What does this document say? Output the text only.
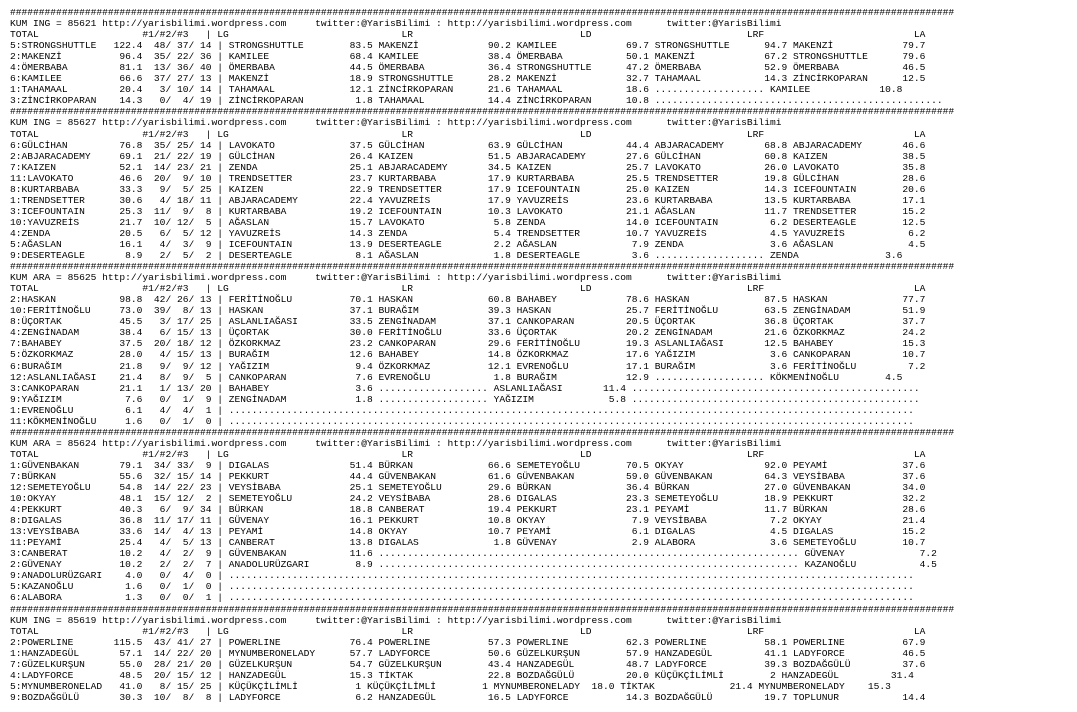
####################################################################################################################################################################
KUM ING = 85621 http://yarisbilimi.wordpress.com     twitter:@YarisBilimi : http://yarisbilimi.wordpress.com      twitter:@YarisBilimi
TOTAL                  #1/#2/#3   | LG                              LR                             LD                           LRF                          LA
5:STRONGSHUTTLE   122.4  48/ 37/ 14 | STRONGSHUTTLE        83.5 MAKENZİ            90.2 KAMILEE            69.7 STRONGSHUTTLE      94.7 MAKENZİ            79.7
2:MAKENZİ          96.4  35/ 22/ 36 | KAMILEE              68.4 KAMILEE            38.4 ÖMERBABA           50.1 MAKENZİ            67.2 STRONGSHUTTLE      79.6
4:ÖMERBABA         81.1  13/ 36/ 40 | ÖMERBABA             44.5 ÖMERBABA           36.4 STRONGSHUTTLE      47.2 ÖMERBABA           52.9 ÖMERBABA           46.5
6:KAMILEE          66.6  37/ 27/ 13 | MAKENZİ              18.9 STRONGSHUTTLE      28.2 MAKENZİ            32.7 TAHAMAAL           14.3 ZİNCİRKOPARAN      12.5
1:TAHAMAAL         20.4   3/ 10/ 14 | TAHAMAAL             12.1 ZİNCİRKOPARAN      21.6 TAHAMAAL           18.6 ................... KAMILEE            10.8
3:ZİNCİRKOPARAN    14.3   0/  4/ 19 | ZİNCİRKOPARAN         1.8 TAHAMAAL           14.4 ZİNCİRKOPARAN      10.8 ..................................................
####################################################################################################################################################################
KUM ING = 85627 http://yarisbilimi.wordpress.com     twitter:@YarisBilimi : http://yarisbilimi.wordpress.com      twitter:@YarisBilimi
TOTAL                  #1/#2/#3   | LG                              LR                             LD                           LRF                          LA
6:GÜLCİHAN         76.8  35/ 25/ 14 | LAVOKATO             37.5 GÜLCİHAN           63.9 GÜLCİHAN           44.4 ABJARACADEMY       68.8 ABJARACADEMY       46.6
2:ABJARACADEMY     69.1  21/ 22/ 19 | GÜLCİHAN             26.4 KAIZEN             51.5 ABJARACADEMY       27.6 GÜLCİHAN           60.8 KAIZEN             38.5
7:KAIZEN           52.1  14/ 23/ 21 | ZENDA                25.1 ABJARACADEMY       34.5 KAIZEN             25.7 LAVOKATO           26.0 LAVOKATO           35.8
11:LAVOKATO        46.6  20/  9/ 10 | TRENDSETTER          23.7 KURTARBABA         17.9 KURTARBABA         25.5 TRENDSETTER        19.8 GÜLCİHAN           28.6
8:KURTARBABA       33.3   9/  5/ 25 | KAIZEN               22.9 TRENDSETTER        17.9 ICEFOUNTAIN        25.0 KAIZEN             14.3 ICEFOUNTAIN        20.6
1:TRENDSETTER      30.6   4/ 18/ 11 | ABJARACADEMY         22.4 YAVUZREİS          17.9 YAVUZREİS          23.6 KURTARBABA         13.5 KURTARBABA         17.1
3:ICEFOUNTAIN      25.3  11/  9/  8 | KURTARBABA           19.2 ICEFOUNTAIN        10.3 LAVOKATO           21.1 AĞASLAN            11.7 TRENDSETTER        15.2
10:YAVUZREİS       21.7  10/ 12/  5 | AĞASLAN              15.7 LAVOKATO            5.8 ZENDA              14.0 ICEFOUNTAIN         6.2 DESERTEAGLE        12.5
4:ZENDA            20.5   6/  5/ 12 | YAVUZREİS            14.3 ZENDA               5.4 TRENDSETTER        10.7 YAVUZREİS           4.5 YAVUZREİS           6.2
5:AĞASLAN          16.1   4/  3/  9 | ICEFOUNTAIN          13.9 DESERTEAGLE         2.2 AĞASLAN             7.9 ZENDA               3.6 AĞASLAN             4.5
9:DESERTEAGLE       8.9   2/  5/  2 | DESERTEAGLE           8.1 AĞASLAN             1.8 DESERTEAGLE         3.6 ................... ZENDA               3.6
####################################################################################################################################################################
KUM ARA = 85625 http://yarisbilimi.wordpress.com     twitter:@YarisBilimi : http://yarisbilimi.wordpress.com      twitter:@YarisBilimi
TOTAL                  #1/#2/#3   | LG                              LR                             LD                           LRF                          LA
2:HASKAN           98.8  42/ 26/ 13 | FERİTİNOĞLU          70.1 HASKAN             60.8 BAHABEY            78.6 HASKAN             87.5 HASKAN             77.7
10:FERİTİNOĞLU     73.0  39/  8/ 13 | HASKAN               37.1 BURAĞIM            39.3 HASKAN             25.7 FERİTİNOĞLU        63.5 ZENGİNADAM         51.9
8:ÜÇORTAK          45.5   3/ 17/ 25 | ASLANLIAĞASI         33.5 ZENGİNADAM         37.1 CANKOPARAN         20.5 ÜÇORTAK            36.8 ÜÇORTAK            37.7
4:ZENGİNADAM       38.4   6/ 15/ 13 | ÜÇORTAK              30.0 FERİTİNOĞLU        33.6 ÜÇORTAK            20.2 ZENGİNADAM         21.6 ÖZKORKMAZ          24.2
7:BAHABEY          37.5  20/ 18/ 12 | ÖZKORKMAZ            23.2 CANKOPARAN         29.6 FERİTİNOĞLU        19.3 ASLANLIAĞASI       12.5 BAHABEY            15.3
5:ÖZKORKMAZ        28.0   4/ 15/ 13 | BURAĞIM              12.6 BAHABEY            14.8 ÖZKORKMAZ          17.6 YAĞIZIM             3.6 CANKOPARAN         10.7
6:BURAĞIM          21.8   9/  9/ 12 | YAĞIZIM               9.4 ÖZKORKMAZ          12.1 EVRENOĞLU          17.1 BURAĞIM             3.6 FERİTİNOĞLU         7.2
12:ASLANLIAĞASI    21.4   8/  9/  5 | CANKOPARAN            7.6 EVRENOĞLU           1.8 BURAĞIM            12.9 ................... KÖKMENİNOĞLU        4.5
3:CANKOPARAN       21.1   1/ 13/ 20 | BAHABEY               3.6 ................... ASLANLIAĞASI       11.4 ..................................................
9:YAĞIZIM           7.6   0/  1/  9 | ZENGİNADAM            1.8 ................... YAĞIZIM             5.8 ..................................................
1:EVRENOĞLU         6.1   4/  4/  1 | .......................................................................................................................
11:KÖKMENİNOĞLU     1.6   0/  1/  0 | .......................................................................................................................
####################################################################################################################################################################
KUM ARA = 85624 http://yarisbilimi.wordpress.com     twitter:@YarisBilimi : http://yarisbilimi.wordpress.com      twitter:@YarisBilimi
TOTAL                  #1/#2/#3   | LG                              LR                             LD                           LRF                          LA
1:GÜVENBAKAN       79.1  34/ 33/  9 | DIGALAS              51.4 BÜRKAN             66.6 SEMETEYOĞLU        70.5 OKYAY              92.0 PEYAMİ             37.6
7:BÜRKAN           55.6  32/ 15/ 14 | PEKKURT              44.4 GÜVENBAKAN         61.6 GÜVENBAKAN         59.0 GÜVENBAKAN         64.3 VEYSİBABA          37.6
12:SEMETEYOĞLU     54.8  14/ 22/ 23 | VEYSİBABA            25.1 SEMETEYOĞLU        29.6 BÜRKAN             36.4 BÜRKAN             27.0 GÜVENBAKAN         34.0
10:OKYAY           48.1  15/ 12/  2 | SEMETEYOĞLU          24.2 VEYSİBABA          28.6 DIGALAS            23.3 SEMETEYOĞLU        18.9 PEKKURT            32.2
4:PEKKURT          40.3   6/  9/ 34 | BÜRKAN               18.8 CANBERAT           19.4 PEKKURT            23.1 PEYAMİ             11.7 BÜRKAN             28.6
8:DIGALAS          36.8  11/ 17/ 11 | GÜVENAY              16.1 PEKKURT            10.8 OKYAY               7.9 VEYSİBABA           7.2 OKYAY              21.4
13:VEYSİBABA       33.6  14/  4/ 13 | PEYAMİ               14.8 OKYAY              10.7 PEYAMİ              6.1 DIGALAS             4.5 DIGALAS            15.2
11:PEYAMİ          25.4   4/  5/ 13 | CANBERAT             13.8 DIGALAS             1.8 GÜVENAY             2.9 ALABORA             3.6 SEMETEYOĞLU        10.7
3:CANBERAT         10.2   4/  2/  9 | GÜVENBAKAN           11.6 ......................................................................... GÜVENAY             7.2
2:GÜVENAY          10.2   2/  2/  7 | ANADOLURÜZGARI        8.9 ......................................................................... KAZANOĞLU           4.5
9:ANADOLURÜZGARI    4.0   0/  4/  0 | .......................................................................................................................
5:KAZANOĞLU         1.6   0/  1/  0 | .......................................................................................................................
6:ALABORA           1.3   0/  0/  1 | .......................................................................................................................
####################################################################################################################################################################
KUM ING = 85619 http://yarisbilimi.wordpress.com     twitter:@YarisBilimi : http://yarisbilimi.wordpress.com      twitter:@YarisBilimi
TOTAL                  #1/#2/#3   | LG                              LR                             LD                           LRF                          LA
2:POWERLINE       115.5  43/ 41/ 27 | POWERLINE            76.4 POWERLINE          57.3 POWERLINE          62.3 POWERLINE          58.1 POWERLINE          67.9
1:HANZADEGÜL       57.1  14/ 22/ 20 | MYNUMBERONELADY      57.7 LADYFORCE          50.6 GÜZELKURŞUN        57.9 HANZADEGÜL         41.1 LADYFORCE          46.5
7:GÜZELKURŞUN      55.0  28/ 21/ 20 | GÜZELKURŞUN          54.7 GÜZELKURŞUN        43.4 HANZADEGÜL         48.7 LADYFORCE          39.3 BOZDAĞGÜLÜ         37.6
4:LADYFORCE        48.5  20/ 15/ 12 | HANZADEGÜL           15.3 TİKTAK             22.8 BOZDAĞGÜLÜ         20.0 KÜÇÜKÇİLİMLİ        2 HANZADEGÜL         31.4
5:MYNUMBERONELAD   41.0   8/ 15/ 25 | KÜÇÜKÇİLİMLİ          1 KÜÇÜKÇİLİMLİ        1 MYNUMBERONELADY  18.0 TİKTAK             21.4 MYNUMBERONELADY    15.3
9:BOZDAĞGÜLÜ       30.3  10/  8/  8 | LADYFORCE             6.2 HANZADEGÜL         16.5 LADYFORCE          14.3 BOZDAĞGÜLÜ         19.7 TOPLUNUR           14.4
